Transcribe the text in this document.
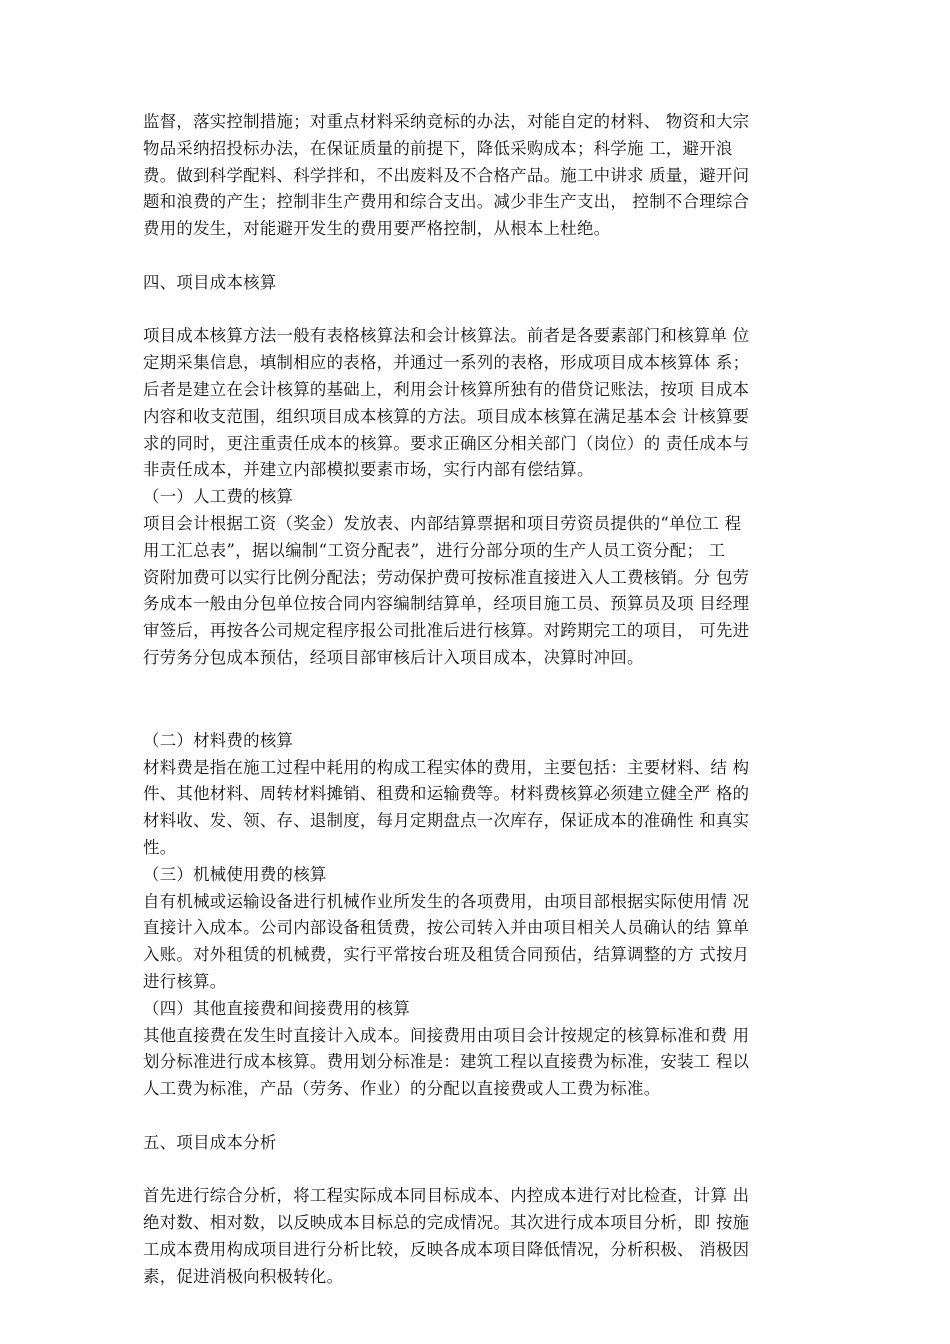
监督，落实控制措施；对重点材料采纳竞标的办法，对能自定的材料、 物资和大宗
物品采纳招投标办法，在保证质量的前提下，降低采购成本；科学施 工，避开浪
费。做到科学配料、科学拌和，不出废料及不合格产品。施工中讲求 质量，避开问
题和浪费的产生；控制非生产费用和综合支出。减少非生产支出， 控制不合理综合
费用的发生，对能避开发生的费用要严格控制，从根本上杜绝。
四、项目成本核算
项目成本核算方法一般有表格核算法和会计核算法。前者是各要素部门和核算单 位
定期采集信息，填制相应的表格，并通过一系列的表格，形成项目成本核算体 系；
后者是建立在会计核算的基础上，利用会计核算所独有的借贷记账法，按项 目成本
内容和收支范围，组织项目成本核算的方法。项目成本核算在满足基本会 计核算要
求的同时，更注重责任成本的核算。要求正确区分相关部门（岗位）的 责任成本与
非责任成本，并建立内部模拟要素市场，实行内部有偿结算。
（一）人工费的核算
项目会计根据工资（奖金）发放表、内部结算票据和项目劳资员提供的“单位工 程
用工汇总表”，据以编制“工资分配表”，进行分部分项的生产人员工资分配； 工
资附加费可以实行比例分配法；劳动保护费可按标准直接进入人工费核销。分 包劳
务成本一般由分包单位按合同内容编制结算单，经项目施工员、预算员及项 目经理
审签后，再按各公司规定程序报公司批准后进行核算。对跨期完工的项目， 可先进
行劳务分包成本预估，经项目部审核后计入项目成本，决算时冲回。
（二）材料费的核算
材料费是指在施工过程中耗用的构成工程实体的费用，主要包括：主要材料、结 构
件、其他材料、周转材料摊销、租费和运输费等。材料费核算必须建立健全严 格的
材料收、发、领、存、退制度，每月定期盘点一次库存，保证成本的准确性 和真实
性。
（三）机械使用费的核算
自有机械或运输设备进行机械作业所发生的各项费用，由项目部根据实际使用情 况
直接计入成本。公司内部设备租赁费，按公司转入并由项目相关人员确认的结 算单
入账。对外租赁的机械费，实行平常按台班及租赁合同预估，结算调整的方 式按月
进行核算。
（四）其他直接费和间接费用的核算
其他直接费在发生时直接计入成本。间接费用由项目会计按规定的核算标准和费 用
划分标准进行成本核算。费用划分标准是：建筑工程以直接费为标准，安装工 程以
人工费为标准，产品（劳务、作业）的分配以直接费或人工费为标准。
五、项目成本分析
首先进行综合分析，将工程实际成本同目标成本、内控成本进行对比检查，计算 出
绝对数、相对数，以反映成本目标总的完成情况。其次进行成本项目分析，即 按施
工成本费用构成项目进行分析比较，反映各成本项目降低情况，分析积极、 消极因
素，促进消极向积极转化。
